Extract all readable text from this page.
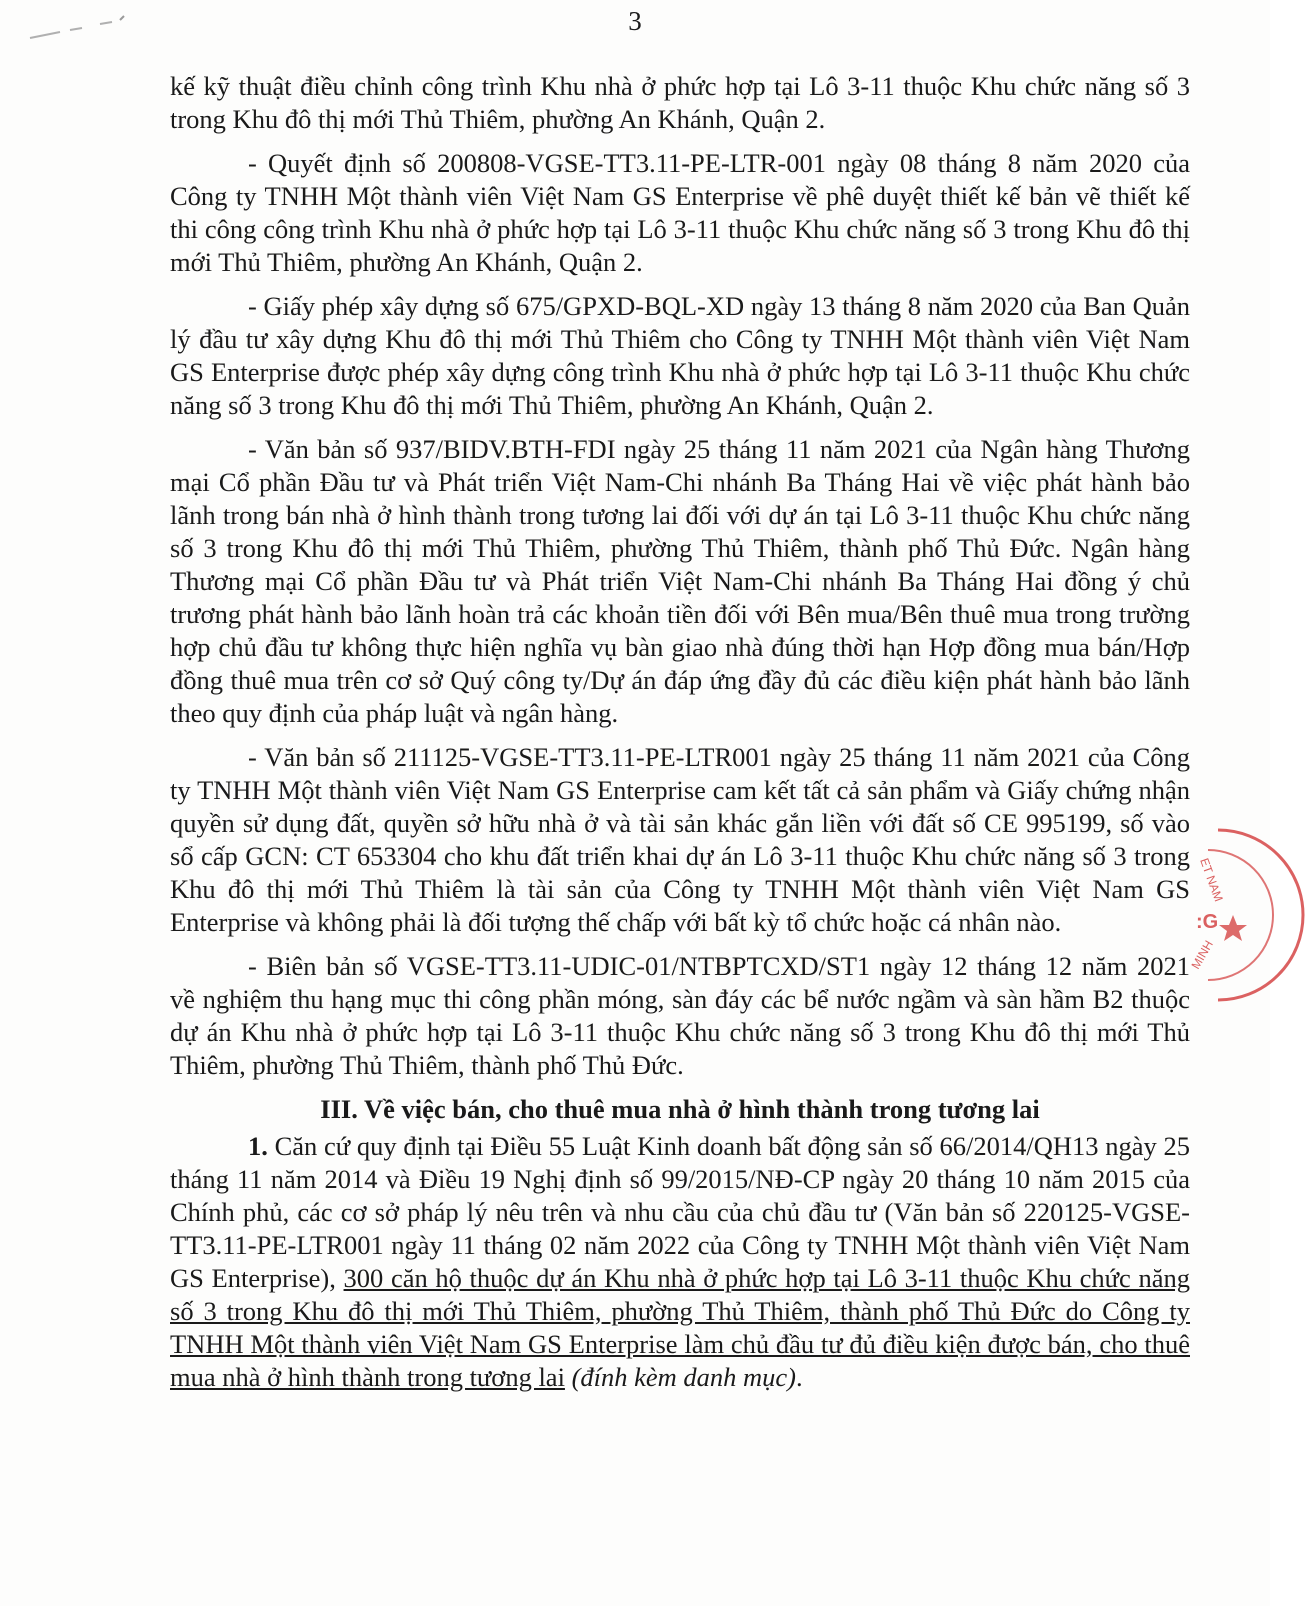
3

kế kỹ thuật điều chỉnh công trình Khu nhà ở phức hợp tại Lô 3-11 thuộc Khu chức năng số 3 trong Khu đô thị mới Thủ Thiêm, phường An Khánh, Quận 2.

- Quyết định số 200808-VGSE-TT3.11-PE-LTR-001 ngày 08 tháng 8 năm 2020 của Công ty TNHH Một thành viên Việt Nam GS Enterprise về phê duyệt thiết kế bản vẽ thiết kế thi công công trình Khu nhà ở phức hợp tại Lô 3-11 thuộc Khu chức năng số 3 trong Khu đô thị mới Thủ Thiêm, phường An Khánh, Quận 2.

- Giấy phép xây dựng số 675/GPXD-BQL-XD ngày 13 tháng 8 năm 2020 của Ban Quản lý đầu tư xây dựng Khu đô thị mới Thủ Thiêm cho Công ty TNHH Một thành viên Việt Nam GS Enterprise được phép xây dựng công trình Khu nhà ở phức hợp tại Lô 3-11 thuộc Khu chức năng số 3 trong Khu đô thị mới Thủ Thiêm, phường An Khánh, Quận 2.

- Văn bản số 937/BIDV.BTH-FDI ngày 25 tháng 11 năm 2021 của Ngân hàng Thương mại Cổ phần Đầu tư và Phát triển Việt Nam-Chi nhánh Ba Tháng Hai về việc phát hành bảo lãnh trong bán nhà ở hình thành trong tương lai đối với dự án tại Lô 3-11 thuộc Khu chức năng số 3 trong Khu đô thị mới Thủ Thiêm, phường Thủ Thiêm, thành phố Thủ Đức. Ngân hàng Thương mại Cổ phần Đầu tư và Phát triển Việt Nam-Chi nhánh Ba Tháng Hai đồng ý chủ trương phát hành bảo lãnh hoàn trả các khoản tiền đối với Bên mua/Bên thuê mua trong trường hợp chủ đầu tư không thực hiện nghĩa vụ bàn giao nhà đúng thời hạn Hợp đồng mua bán/Hợp đồng thuê mua trên cơ sở Quý công ty/Dự án đáp ứng đầy đủ các điều kiện phát hành bảo lãnh theo quy định của pháp luật và ngân hàng.

- Văn bản số 211125-VGSE-TT3.11-PE-LTR001 ngày 25 tháng 11 năm 2021 của Công ty TNHH Một thành viên Việt Nam GS Enterprise cam kết tất cả sản phẩm và Giấy chứng nhận quyền sử dụng đất, quyền sở hữu nhà ở và tài sản khác gắn liền với đất số CE 995199, số vào sổ cấp GCN: CT 653304 cho khu đất triển khai dự án Lô 3-11 thuộc Khu chức năng số 3 trong Khu đô thị mới Thủ Thiêm là tài sản của Công ty TNHH Một thành viên Việt Nam GS Enterprise và không phải là đối tượng thế chấp với bất kỳ tổ chức hoặc cá nhân nào.

- Biên bản số VGSE-TT3.11-UDIC-01/NTBPTCXD/ST1 ngày 12 tháng 12 năm 2021 về nghiệm thu hạng mục thi công phần móng, sàn đáy các bể nước ngầm và sàn hầm B2 thuộc dự án Khu nhà ở phức hợp tại Lô 3-11 thuộc Khu chức năng số 3 trong Khu đô thị mới Thủ Thiêm, phường Thủ Thiêm, thành phố Thủ Đức.

III. Về việc bán, cho thuê mua nhà ở hình thành trong tương lai

1. Căn cứ quy định tại Điều 55 Luật Kinh doanh bất động sản số 66/2014/QH13 ngày 25 tháng 11 năm 2014 và Điều 19 Nghị định số 99/2015/NĐ-CP ngày 20 tháng 10 năm 2015 của Chính phủ, các cơ sở pháp lý nêu trên và nhu cầu của chủ đầu tư (Văn bản số 220125-VGSE-TT3.11-PE-LTR001 ngày 11 tháng 02 năm 2022 của Công ty TNHH Một thành viên Việt Nam GS Enterprise), 300 căn hộ thuộc dự án Khu nhà ở phức hợp tại Lô 3-11 thuộc Khu chức năng số 3 trong Khu đô thị mới Thủ Thiêm, phường Thủ Thiêm, thành phố Thủ Đức do Công ty TNHH Một thành viên Việt Nam GS Enterprise làm chủ đầu tư đủ điều kiện được bán, cho thuê mua nhà ở hình thành trong tương lai (đính kèm danh mục).

ET NAM
:G
MINH
